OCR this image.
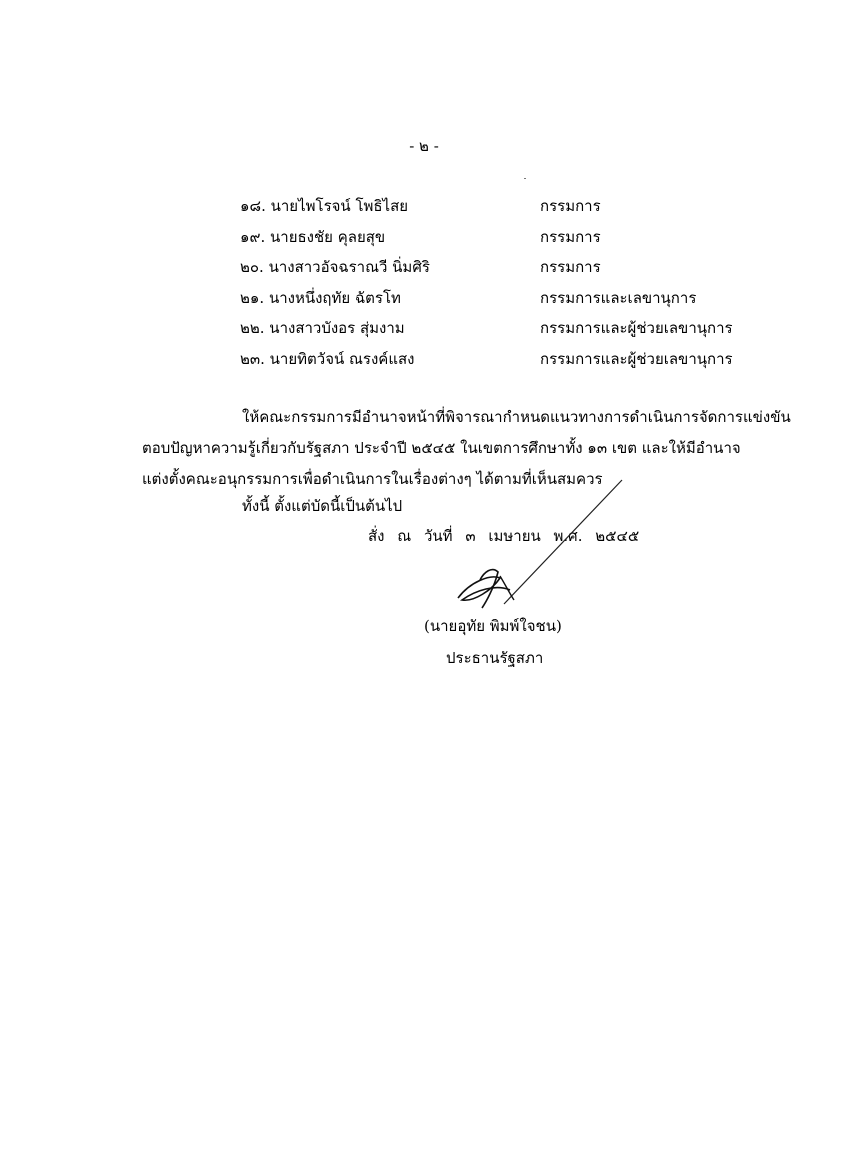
- ๒ -
๑๘. นายไพโรจน์ โพธิไสย	กรรมการ
๑๙. นายธงชัย คุลยสุข	กรรมการ
๒๐. นางสาวอัจฉราณวี นิ่มศิริ	กรรมการ
๒๑. นางหนึ่งฤทัย ฉัตรโท	กรรมการและเลขานุการ
๒๒. นางสาวบังอร สุ่มงาม	กรรมการและผู้ช่วยเลขานุการ
๒๓. นายทิตวัจน์ ณรงค์แสง	กรรมการและผู้ช่วยเลขานุการ

ให้คณะกรรมการมีอำนาจหน้าที่พิจารณากำหนดแนวทางการดำเนินการจัดการแข่งขัน

ตอบปัญหาความรู้เกี่ยวกับรัฐสภา ประจำปี ๒๕๔๕ ในเขตการศึกษาทั้ง ๑๓ เขต และให้มีอำนาจ

แต่งตั้งคณะอนุกรรมการเพื่อดำเนินการในเรื่องต่างๆ ได้ตามที่เห็นสมควร

ทั้งนี้ ตั้งแต่บัดนี้เป็นต้นไป
สั่ง ณ วันที่ ๓ เมษายน พ.ศ. ๒๕๔๕
(นายอุทัย พิมพ์ใจชน)
ประธานรัฐสภา
